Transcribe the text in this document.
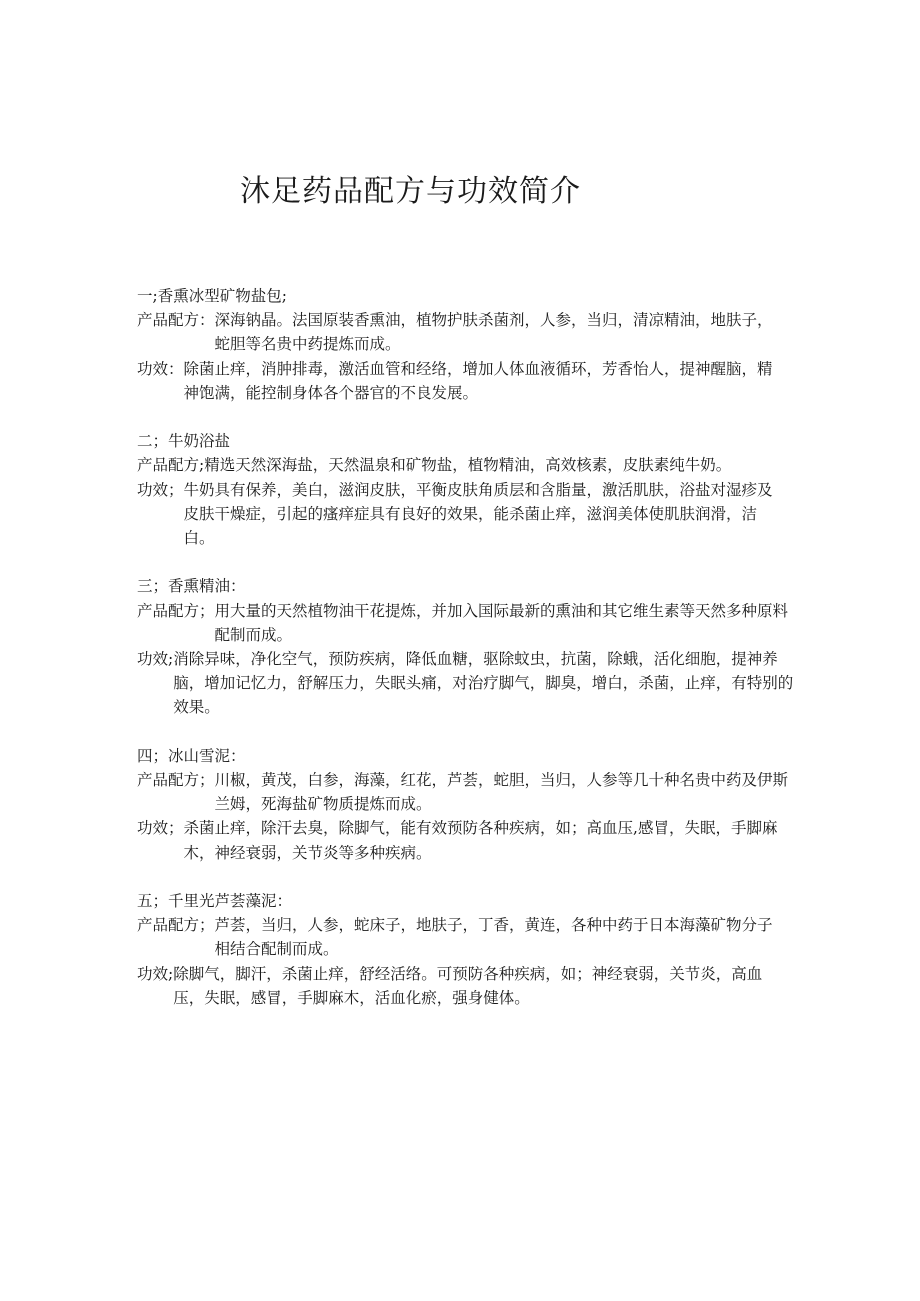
沐足药品配方与功效简介
一;香熏冰型矿物盐包;
产品配方： 深海钠晶。法国原装香熏油，植物护肤杀菌剂，人参，当归，清凉精油，地肤子，蛇胆等名贵中药提炼而成。
功效： 除菌止痒，消肿排毒，激活血管和经络，增加人体血液循环，芳香怡人，提神醒脑，精神饱满，能控制身体各个器官的不良发展。
二；牛奶浴盐
产品配方 ;精选天然深海盐，天然温泉和矿物盐，植物精油，高效核素，皮肤素纯牛奶。
功效； 牛奶具有保养，美白，滋润皮肤，平衡皮肤角质层和含脂量，激活肌肤，浴盐对湿疹及皮肤干燥症，引起的瘙痒症具有良好的效果，能杀菌止痒，滋润美体使肌肤润滑，洁白。
三；香熏精油：
产品配方； 用大量的天然植物油干花提炼，并加入国际最新的熏油和其它维生素等天然多种原料配制而成。
功效; 消除异味，净化空气，预防疾病，降低血糖，驱除蚊虫，抗菌，除蛾，活化细胞，提神养脑，增加记忆力，舒解压力，失眠头痛，对治疗脚气，脚臭，增白，杀菌，止痒，有特别的效果。
四；冰山雪泥：
产品配方； 川椒，黄茂，白参，海藻，红花，芦荟，蛇胆，当归，人参等几十种名贵中药及伊斯兰姆，死海盐矿物质提炼而成。
功效； 杀菌止痒，除汗去臭，除脚气，能有效预防各种疾病，如；高血压,感冒，失眠，手脚麻木，神经衰弱，关节炎等多种疾病。
五；千里光芦荟藻泥：
产品配方； 芦荟，当归，人参，蛇床子，地肤子，丁香，黄连，各种中药于日本海藻矿物分子相结合配制而成。
功效; 除脚气，脚汗，杀菌止痒，舒经活络。可预防各种疾病，如；神经衰弱，关节炎，高血压，失眠，感冒，手脚麻木，活血化瘀，强身健体。
